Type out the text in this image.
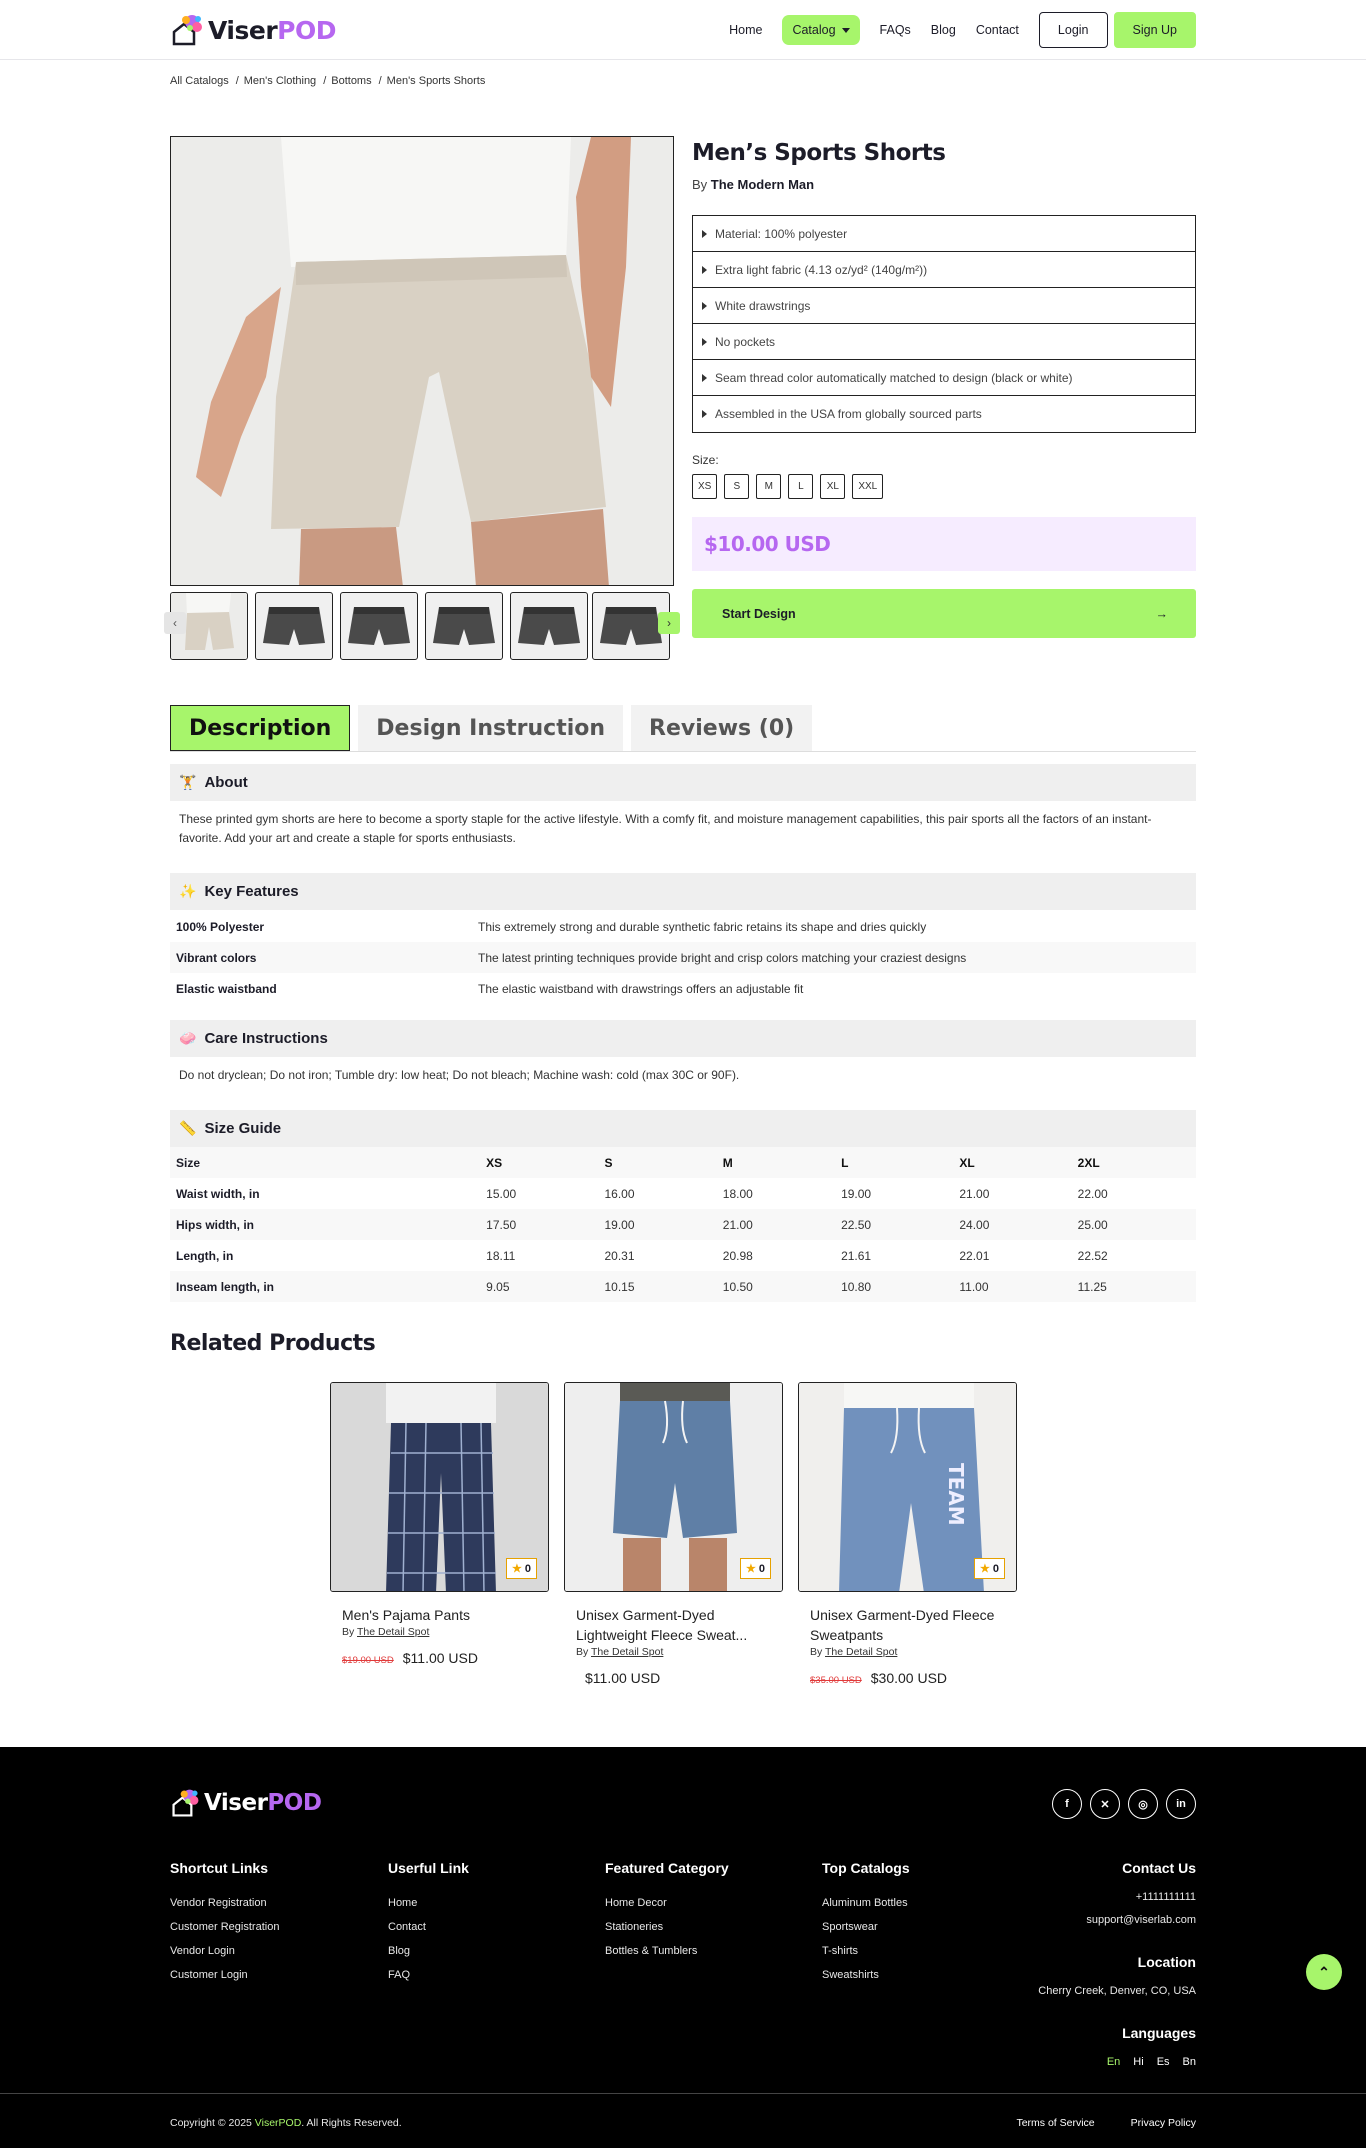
ViserPOD	Home Catalog	FAQs Blog Contact	Login	Sign Up
All Catalogs / Men's Clothing / Bottoms / Men's Sports Shorts
‹	›
Men’s Sports Shorts
By The Modern Man
Material: 100% polyester
Extra light fabric (4.13 oz/yd² (140g/m²))
White drawstrings
No pockets
Seam thread color automatically matched to design (black or white)
Assembled in the USA from globally sourced parts
Size:
XS	S	M	L	XL	XXL
$10.00 USD
Start Design	→
Description	Design Instruction	Reviews (0)
🏋 About
These printed gym shorts are here to become a sporty staple for the active lifestyle. With a comfy fit, and moisture management capabilities, this pair sports all the factors of an instant-favorite. Add your art and create a staple for sports enthusiasts.
✨ Key Features
100% Polyester	This extremely strong and durable synthetic fabric retains its shape and dries quickly
Vibrant colors	The latest printing techniques provide bright and crisp colors matching your craziest designs
Elastic waistband	The elastic waistband with drawstrings offers an adjustable fit
🧼 Care Instructions
Do not dryclean; Do not iron; Tumble dry: low heat; Do not bleach; Machine wash: cold (max 30C or 90F).
📏 Size Guide
Size	XS	S	M	L	XL	2XL
Waist width, in	15.00	16.00	18.00	19.00	21.00	22.00
Hips width, in	17.50	19.00	21.00	22.50	24.00	25.00
Length, in	18.11	20.31	20.98	21.61	22.01	22.52
Inseam length, in	9.05	10.15	10.50	10.80	11.00	11.25
Related Products
★ 0
Men's Pajama Pants
By The Detail Spot
$19.00 USD $11.00 USD
★ 0
Unisex Garment-Dyed Lightweight Fleece Sweat...
By The Detail Spot
$11.00 USD
TEAM
★ 0
Unisex Garment-Dyed Fleece Sweatpants
By The Detail Spot
$35.00 USD $30.00 USD
ViserPOD	f	✕	◎	in
Shortcut Links
Vendor Registration
Customer Registration
Vendor Login
Customer Login
Userful Link
Home
Contact
Blog
FAQ
Featured Category
Home Decor
Stationeries
Bottles & Tumblers
Top Catalogs
Aluminum Bottles
Sportswear
T-shirts
Sweatshirts
Contact Us
+1111111111
support@viserlab.com
Location
Cherry Creek, Denver, CO, USA
Languages
En Hi Es Bn
Copyright © 2025 ViserPOD. All Rights Reserved.	Terms of Service	Privacy Policy
⌃
